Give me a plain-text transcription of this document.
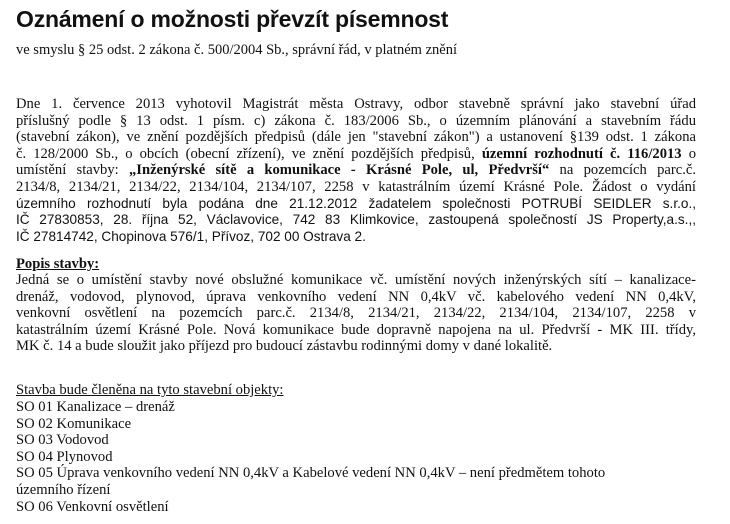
Oznámení o možnosti převzít písemnost
ve smyslu § 25 odst. 2 zákona č. 500/2004 Sb., správní řád, v platném znění
Dne 1. července 2013 vyhotovil Magistrát města Ostravy, odbor stavebně správní jako stavební úřad
příslušný podle § 13 odst. 1 písm. c) zákona č. 183/2006 Sb., o územním plánování a stavebním řádu
(stavební zákon), ve znění pozdějších předpisů (dále jen "stavební zákon") a ustanovení §139 odst. 1 zákona
č. 128/2000 Sb., o obcích (obecní zřízení), ve znění pozdějších předpisů, územní rozhodnutí č. 116/2013 o
umístění stavby: „Inženýrské sítě a komunikace - Krásné Pole, ul, Předvrší“ na pozemcích parc.č.
2134/8, 2134/21, 2134/22, 2134/104, 2134/107, 2258 v katastrálním území Krásné Pole. Žádost o vydání
územního rozhodnutí byla podána dne 21.12.2012 žadatelem společnosti POTRUBÍ SEIDLER s.r.o.,
IČ 27830853, 28. října 52, Václavovice, 742 83 Klimkovice, zastoupená společností JS Property,a.s.,,
IČ 27814742, Chopinova 576/1, Přívoz, 702 00 Ostrava 2.
Popis stavby:
Jedná se o umístění stavby nové obslužné komunikace vč. umístění nových inženýrských sítí – kanalizace-
drenáž, vodovod, plynovod, úprava venkovního vedení NN 0,4kV vč. kabelového vedení NN 0,4kV,
venkovní osvětlení na pozemcích parc.č. 2134/8, 2134/21, 2134/22, 2134/104, 2134/107, 2258 v
katastrálním území Krásné Pole. Nová komunikace bude dopravně napojena na ul. Předvrší - MK III. třídy,
MK č. 14 a bude sloužit jako příjezd pro budoucí zástavbu rodinnými domy v dané lokalitě.
Stavba bude členěna na tyto stavební objekty:
SO 01 Kanalizace – drenáž
SO 02 Komunikace
SO 03 Vodovod
SO 04 Plynovod
SO 05 Úprava venkovního vedení NN 0,4kV a Kabelové vedení NN 0,4kV – není předmětem tohoto
územního řízení
SO 06 Venkovní osvětlení
